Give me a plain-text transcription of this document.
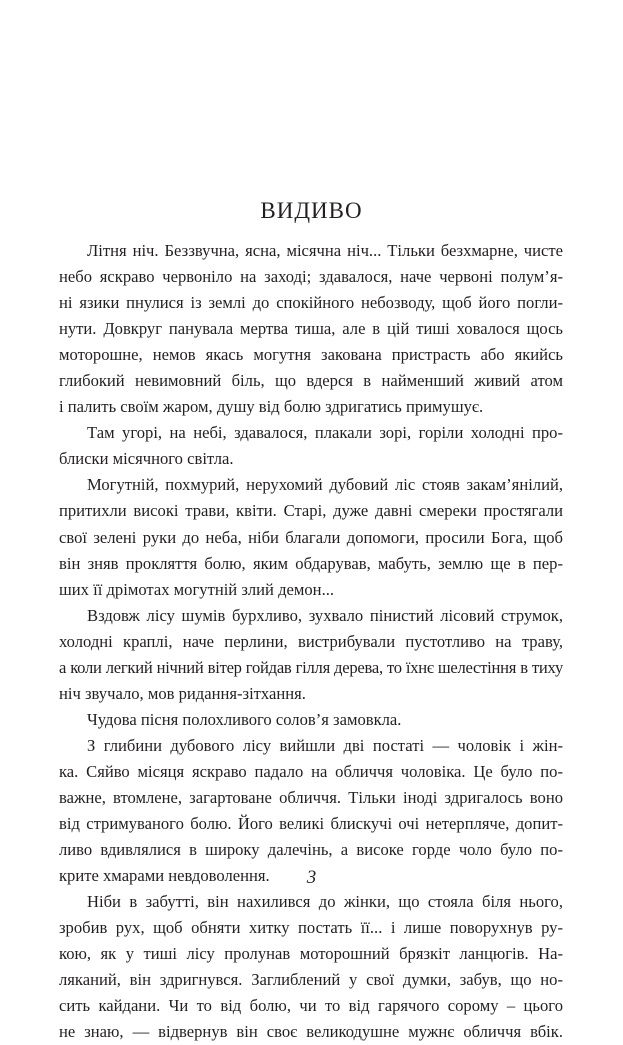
ВИДИВО
Літня ніч. Беззвучна, ясна, місячна ніч... Тільки безхмарне, чисте
небо яскраво червоніло на заході; здавалося, наче червоні полум’я-
ні язики пнулися із землі до спокійного небозводу, щоб його погли-
нути. Довкруг панувала мертва тиша, але в цій тиші ховалося щось
моторошне, немов якась могутня закована пристрасть або якийсь
глибокий невимовний біль, що вдерся в найменший живий атом
і палить своїм жаром, душу від болю здригатись примушує.
Там угорі, на небі, здавалося, плакали зорі, горіли холодні про-
блиски місячного світла.
Могутній, похмурий, нерухомий дубовий ліс стояв закам’янілий,
притихли високі трави, квіти. Старі, дуже давні смереки простягали
свої зелені руки до неба, ніби благали допомоги, просили Бога, щоб
він зняв прокляття болю, яким обдарував, мабуть, землю ще в пер-
ших її дрімотах могутній злий демон...
Вздовж лісу шумів бурхливо, зухвало пінистий лісовий струмок,
холодні краплі, наче перлини, вистрибували пустотливо на траву,
а коли легкий нічний вітер гойдав гілля дерева, то їхнє шелестіння в тиху
ніч звучало, мов ридання-зітхання.
Чудова пісня полохливого солов’я замовкла.
З глибини дубового лісу вийшли дві постаті — чоловік і жін-
ка. Сяйво місяця яскраво падало на обличчя чоловіка. Це було по-
важне, втомлене, загартоване обличчя. Тільки іноді здригалось воно
від стримуваного болю. Його великі блискучі очі нетерпляче, допит-
ливо вдивлялися в широку далечінь, а високе горде чоло було по-
крите хмарами невдоволення.
Ніби в забутті, він нахилився до жінки, що стояла біля нього,
зробив рух, щоб обняти хитку постать її... і лише поворухнув ру-
кою, як у тиші лісу пролунав моторошний брязкіт ланцюгів. На-
ляканий, він здригнувся. Заглиблений у свої думки, забув, що но-
сить кайдани. Чи то від болю, чи то від гарячого сорому – цього
не знаю, — відвернув він своє великодушне мужнє обличчя вбік.
3
